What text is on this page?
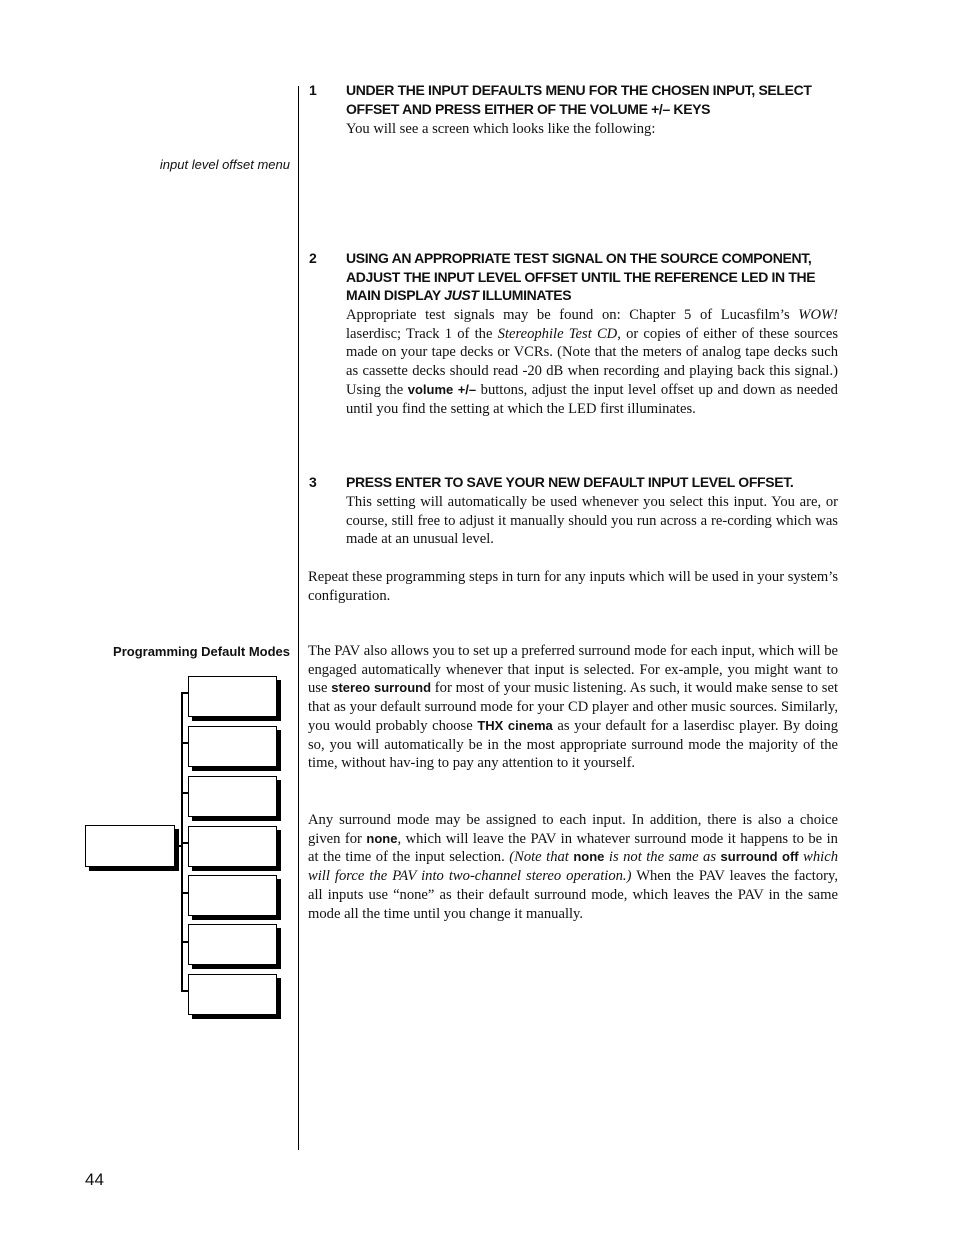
1 UNDER THE INPUT DEFAULTS MENU FOR THE CHOSEN INPUT, SELECT OFFSET AND PRESS EITHER OF THE VOLUME +/– KEYS
You will see a screen which looks like the following:
input level offset menu
2 USING AN APPROPRIATE TEST SIGNAL ON THE SOURCE COMPONENT, ADJUST THE INPUT LEVEL OFFSET UNTIL THE REFERENCE LED IN THE MAIN DISPLAY JUST ILLUMINATES
Appropriate test signals may be found on: Chapter 5 of Lucasfilm’s WOW! laserdisc; Track 1 of the Stereophile Test CD, or copies of either of these sources made on your tape decks or VCRs. (Note that the meters of analog tape decks such as cassette decks should read -20 dB when recording and playing back this signal.) Using the volume +/– buttons, adjust the input level offset up and down as needed until you find the setting at which the LED first illuminates.
3 PRESS ENTER TO SAVE YOUR NEW DEFAULT INPUT LEVEL OFFSET.
This setting will automatically be used whenever you select this input. You are, or course, still free to adjust it manually should you run across a re-cording which was made at an unusual level.
Repeat these programming steps in turn for any inputs which will be used in your system’s configuration.
Programming Default Modes The PAV also allows you to set up a preferred surround mode for each input, which will be engaged automatically whenever that input is selected. For ex-ample, you might want to use stereo surround for most of your music listening. As such, it would make sense to set that as your default surround mode for your CD player and other music sources. Similarly, you would probably choose THX cinema as your default for a laserdisc player. By doing so, you will automatically be in the most appropriate surround mode the majority of the time, without hav-ing to pay any attention to it yourself.
Any surround mode may be assigned to each input. In addition, there is also a choice given for none, which will leave the PAV in whatever surround mode it happens to be in at the time of the input selection. (Note that none is not the same as surround off which will force the PAV into two-channel stereo operation.) When the PAV leaves the factory, all inputs use “none” as their default surround mode, which leaves the PAV in the same mode all the time until you change it manually.
44
